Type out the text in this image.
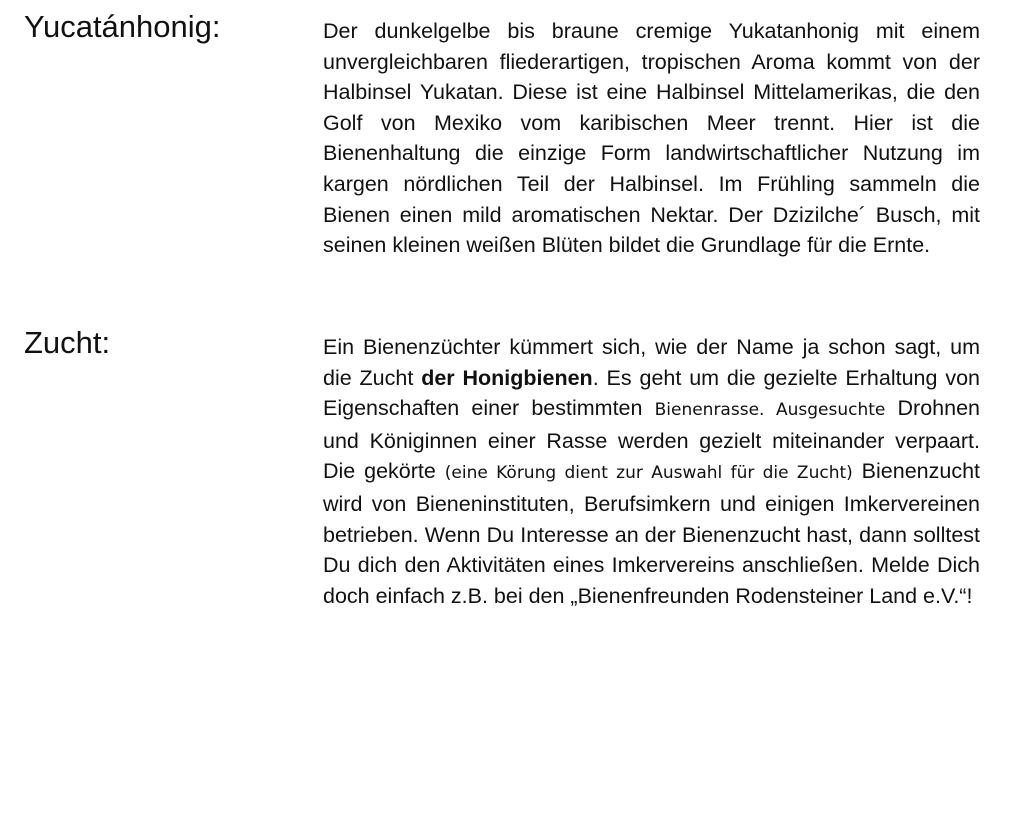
Yucatánhonig:	Der dunkelgelbe bis braune cremige Yukatanhonig mit einem unvergleichbaren fliederartigen, tropischen Aroma kommt von der Halbinsel Yukatan. Diese ist eine Halbinsel Mittelamerikas, die den Golf von Mexiko vom karibischen Meer trennt. Hier ist die Bienenhaltung die einzige Form landwirtschaftlicher Nutzung im kargen nördlichen Teil der Halbinsel. Im Frühling sammeln die Bienen einen mild aromatischen Nektar. Der Dzizilche´ Busch, mit seinen kleinen weißen Blüten bildet die Grundlage für die Ernte.
Zucht:	Ein Bienenzüchter kümmert sich, wie der Name ja schon sagt, um die Zucht der Honigbienen. Es geht um die gezielte Erhaltung von Eigenschaften einer bestimmten Bienenrasse. Ausgesuchte Drohnen und Königinnen einer Rasse werden gezielt miteinander verpaart. Die gekörte (eine Körung dient zur Auswahl für die Zucht) Bienenzucht wird von Bieneninstituten, Berufsimkern und einigen Imkervereinen betrieben. Wenn Du Interesse an der Bienenzucht hast, dann solltest Du dich den Aktivitäten eines Imkervereins anschließen. Melde Dich doch einfach z.B. bei den „Bienenfreunden Rodensteiner Land e.V.“!
